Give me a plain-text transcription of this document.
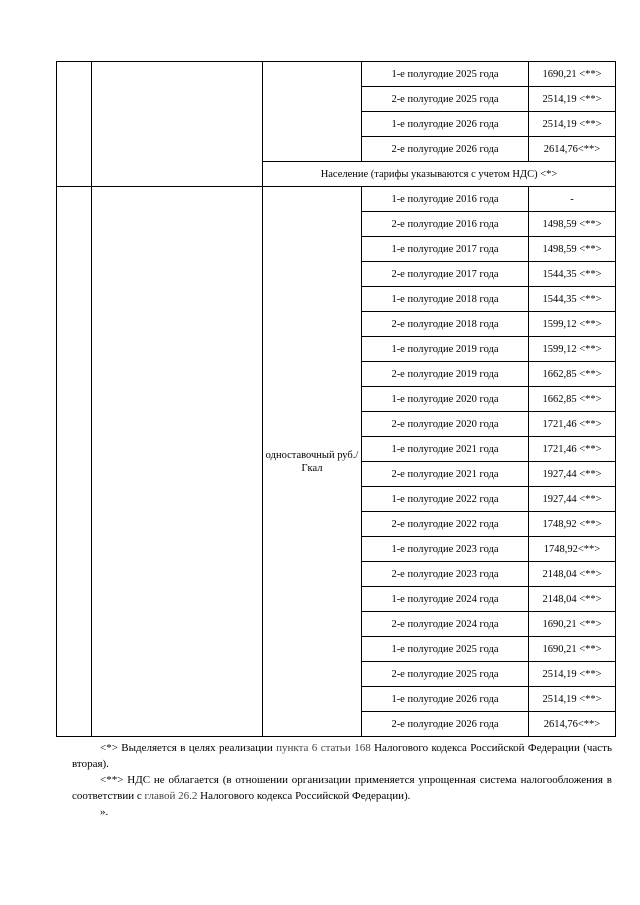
			1-е полугодие 2025 года	1690,21 <**>
			2-е полугодие 2025 года	2514,19 <**>
			1-е полугодие 2026 года	2514,19 <**>
			2-е полугодие 2026 года	2614,76<**>
		Население (тарифы указываются с учетом НДС) <*>		
		одноставочный руб./Гкал	1-е полугодие 2016 года	-
			2-е полугодие 2016 года	1498,59 <**>
			1-е полугодие 2017 года	1498,59 <**>
			2-е полугодие 2017 года	1544,35 <**>
			1-е полугодие 2018 года	1544,35 <**>
			2-е полугодие 2018 года	1599,12 <**>
			1-е полугодие 2019 года	1599,12 <**>
			2-е полугодие 2019 года	1662,85 <**>
			1-е полугодие 2020 года	1662,85 <**>
			2-е полугодие 2020 года	1721,46 <**>
			1-е полугодие 2021 года	1721,46 <**>
			2-е полугодие 2021 года	1927,44 <**>
			1-е полугодие 2022 года	1927,44 <**>
			2-е полугодие 2022 года	1748,92 <**>
			1-е полугодие 2023 года	1748,92<**>
			2-е полугодие 2023 года	2148,04 <**>
			1-е полугодие 2024 года	2148,04 <**>
			2-е полугодие 2024 года	1690,21 <**>
			1-е полугодие 2025 года	1690,21 <**>
			2-е полугодие 2025 года	2514,19 <**>
			1-е полугодие 2026 года	2514,19 <**>
			2-е полугодие 2026 года	2614,76<**>

<*> Выделяется в целях реализации пункта 6 статьи 168 Налогового кодекса Российской Федерации (часть вторая).

<**> НДС не облагается (в отношении организации применяется упрощенная система налогообложения в соответствии с главой 26.2 Налогового кодекса Российской Федерации).

».
